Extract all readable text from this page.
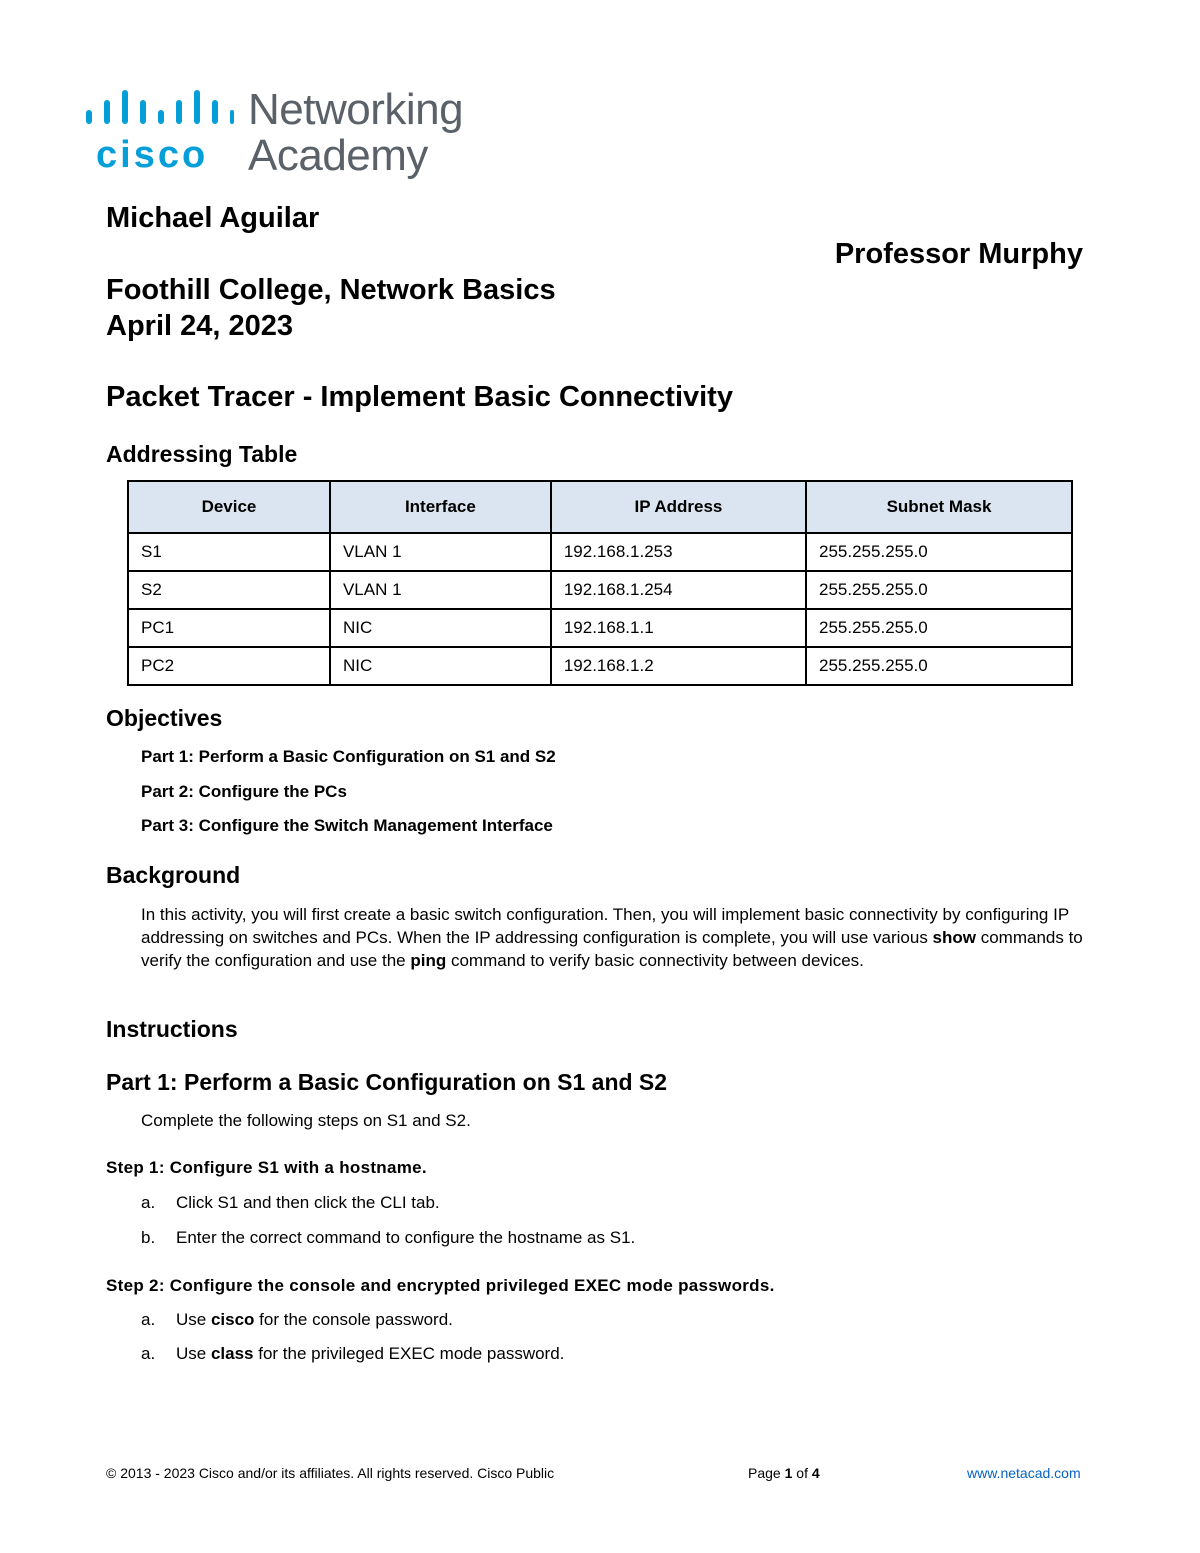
cisco
Networking
Academy
Michael Aguilar
Professor Murphy
Foothill College, Network Basics
April 24, 2023
Packet Tracer - Implement Basic Connectivity
Addressing Table
Device	Interface	IP Address	Subnet Mask
S1	VLAN 1	192.168.1.253	255.255.255.0
S2	VLAN 1	192.168.1.254	255.255.255.0
PC1	NIC	192.168.1.1	255.255.255.0
PC2	NIC	192.168.1.2	255.255.255.0
Objectives
Part 1: Perform a Basic Configuration on S1 and S2
Part 2: Configure the PCs
Part 3: Configure the Switch Management Interface
Background
In this activity, you will first create a basic switch configuration. Then, you will implement basic connectivity by configuring IP addressing on switches and PCs. When the IP addressing configuration is complete, you will use various show commands to verify the configuration and use the ping command to verify basic connectivity between devices.
Instructions
Part 1: Perform a Basic Configuration on S1 and S2
Complete the following steps on S1 and S2.
Step 1: Configure S1 with a hostname.
a. Click S1 and then click the CLI tab.
b. Enter the correct command to configure the hostname as S1.
Step 2: Configure the console and encrypted privileged EXEC mode passwords.
a. Use cisco for the console password.
a. Use class for the privileged EXEC mode password.
© 2013 - 2023 Cisco and/or its affiliates. All rights reserved. Cisco Public	Page 1 of 4	www.netacad.com
